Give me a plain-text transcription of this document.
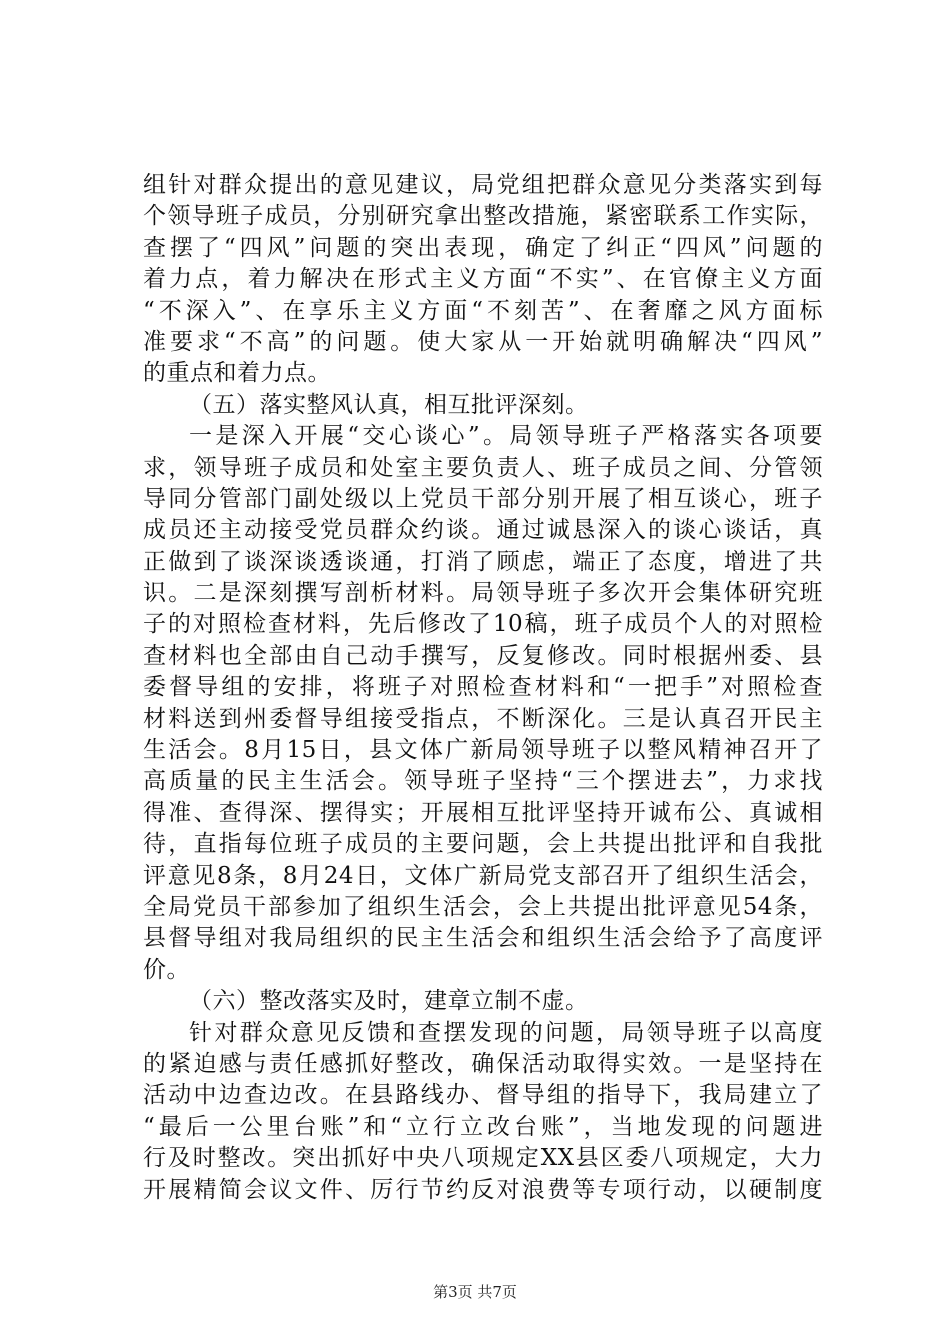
组针对群众提出的意见建议，局党组把群众意见分类落实到每
个领导班子成员，分别研究拿出整改措施，紧密联系工作实际，
查摆了“四风”问题的突出表现，确定了纠正“四风”问题的
着力点，着力解决在形式主义方面“不实”、在官僚主义方面
“不深入”、在享乐主义方面“不刻苦”、在奢靡之风方面标
准要求“不高”的问题。使大家从一开始就明确解决“四风”
的重点和着力点。
（五）落实整风认真，相互批评深刻。
一是深入开展“交心谈心”。局领导班子严格落实各项要
求，领导班子成员和处室主要负责人、班子成员之间、分管领
导同分管部门副处级以上党员干部分别开展了相互谈心，班子
成员还主动接受党员群众约谈。通过诚恳深入的谈心谈话，真
正做到了谈深谈透谈通，打消了顾虑，端正了态度，增进了共
识。二是深刻撰写剖析材料。局领导班子多次开会集体研究班
子的对照检查材料，先后修改了10稿，班子成员个人的对照检
查材料也全部由自己动手撰写，反复修改。同时根据州委、县
委督导组的安排，将班子对照检查材料和“一把手”对照检查
材料送到州委督导组接受指点，不断深化。三是认真召开民主
生活会。8月15日，县文体广新局领导班子以整风精神召开了
高质量的民主生活会。领导班子坚持“三个摆进去”，力求找
得准、查得深、摆得实；开展相互批评坚持开诚布公、真诚相
待，直指每位班子成员的主要问题，会上共提出批评和自我批
评意见8条，8月24日，文体广新局党支部召开了组织生活会，
全局党员干部参加了组织生活会，会上共提出批评意见54条，
县督导组对我局组织的民主生活会和组织生活会给予了高度评
价。
（六）整改落实及时，建章立制不虚。
针对群众意见反馈和查摆发现的问题，局领导班子以高度
的紧迫感与责任感抓好整改，确保活动取得实效。一是坚持在
活动中边查边改。在县路线办、督导组的指导下，我局建立了
“最后一公里台账”和“立行立改台账”，当地发现的问题进
行及时整改。突出抓好中央八项规定XX县区委八项规定，大力
开展精简会议文件、厉行节约反对浪费等专项行动，以硬制度
第3页 共7页
